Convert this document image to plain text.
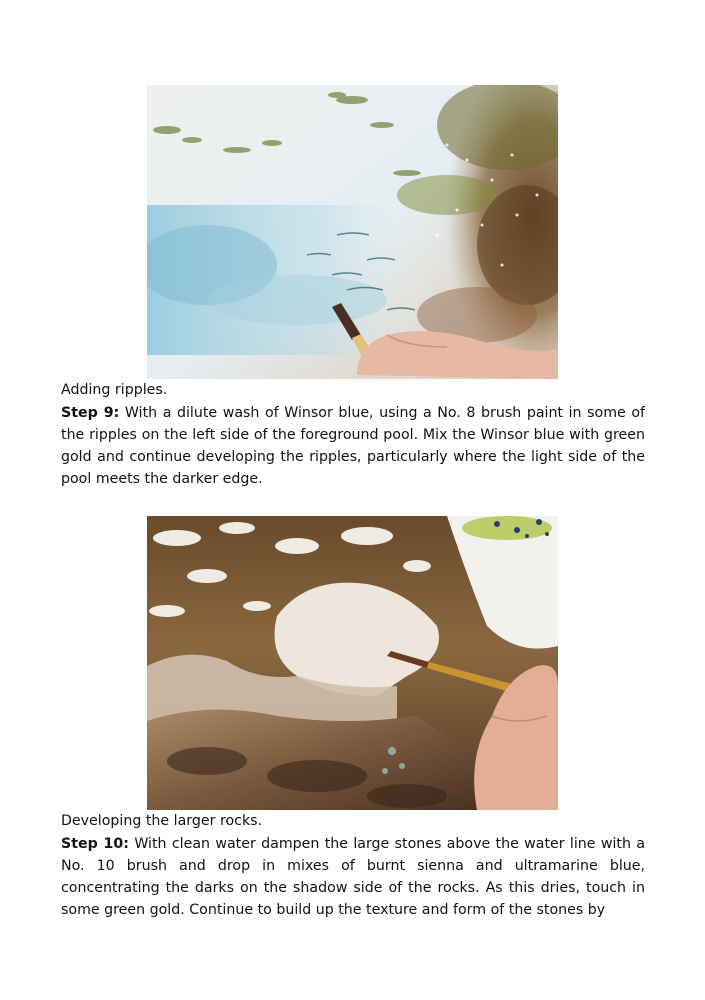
Adding ripples.

Step 9: With a dilute wash of Winsor blue, using a No. 8 brush paint in some of the ripples on the left side of the foreground pool. Mix the Winsor blue with green gold and continue developing the ripples, particularly where the light side of the pool meets the darker edge.

Developing the larger rocks.

Step 10: With clean water dampen the large stones above the water line with a No. 10 brush and drop in mixes of burnt sienna and ultramarine blue, concentrating the darks on the shadow side of the rocks. As this dries, touch in some green gold. Continue to build up the texture and form of the stones by
